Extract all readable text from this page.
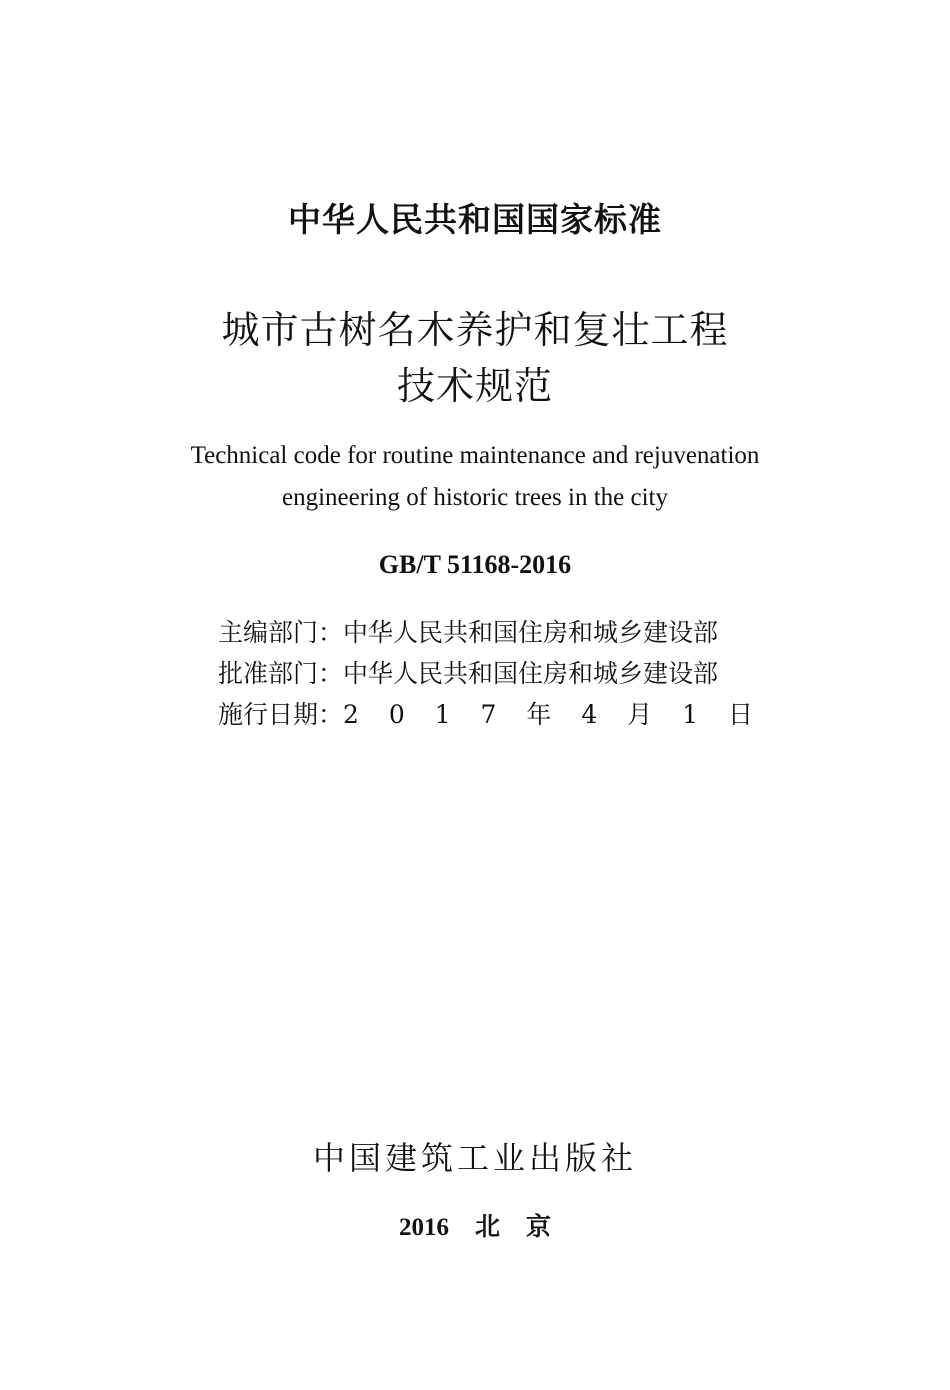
中华人民共和国国家标准
城市古树名木养护和复壮工程
技术规范
Technical code for routine maintenance and rejuvenation
engineering of historic trees in the city
GB/T 51168-2016
主编部门： 中华人民共和国住房和城乡建设部
批准部门： 中华人民共和国住房和城乡建设部
施行日期： 2 0 1 7 年 4 月 1 日
中国建筑工业出版社
2016 北 京
